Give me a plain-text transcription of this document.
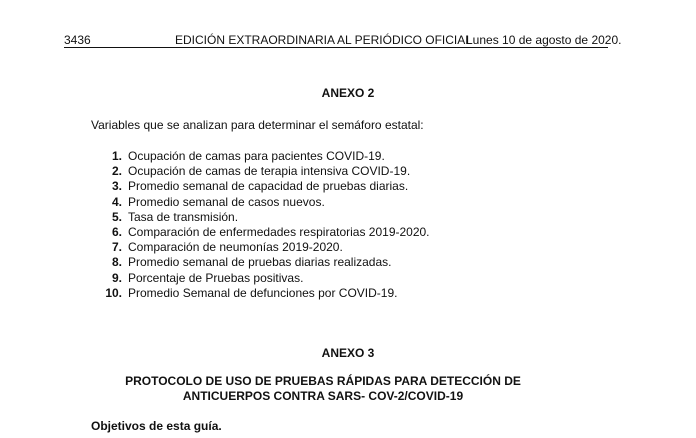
3436	EDICIÓN EXTRAORDINARIA AL PERIÓDICO OFICIAL
Lunes 10 de agosto de 2020.
ANEXO 2
Variables que se analizan para determinar el semáforo estatal:
1. Ocupación de camas para pacientes COVID-19.
2. Ocupación de camas de terapia intensiva COVID-19.
3. Promedio semanal de capacidad de pruebas diarias.
4. Promedio semanal de casos nuevos.
5. Tasa de transmisión.
6. Comparación de enfermedades respiratorias 2019-2020.
7. Comparación de neumonías 2019-2020.
8. Promedio semanal de pruebas diarias realizadas.
9. Porcentaje de Pruebas positivas.
10. Promedio Semanal de defunciones por COVID-19.
ANEXO 3
PROTOCOLO DE USO DE PRUEBAS RÁPIDAS PARA DETECCIÓN DE
ANTICUERPOS CONTRA SARS- COV-2/COVID-19
Objetivos de esta guía.
